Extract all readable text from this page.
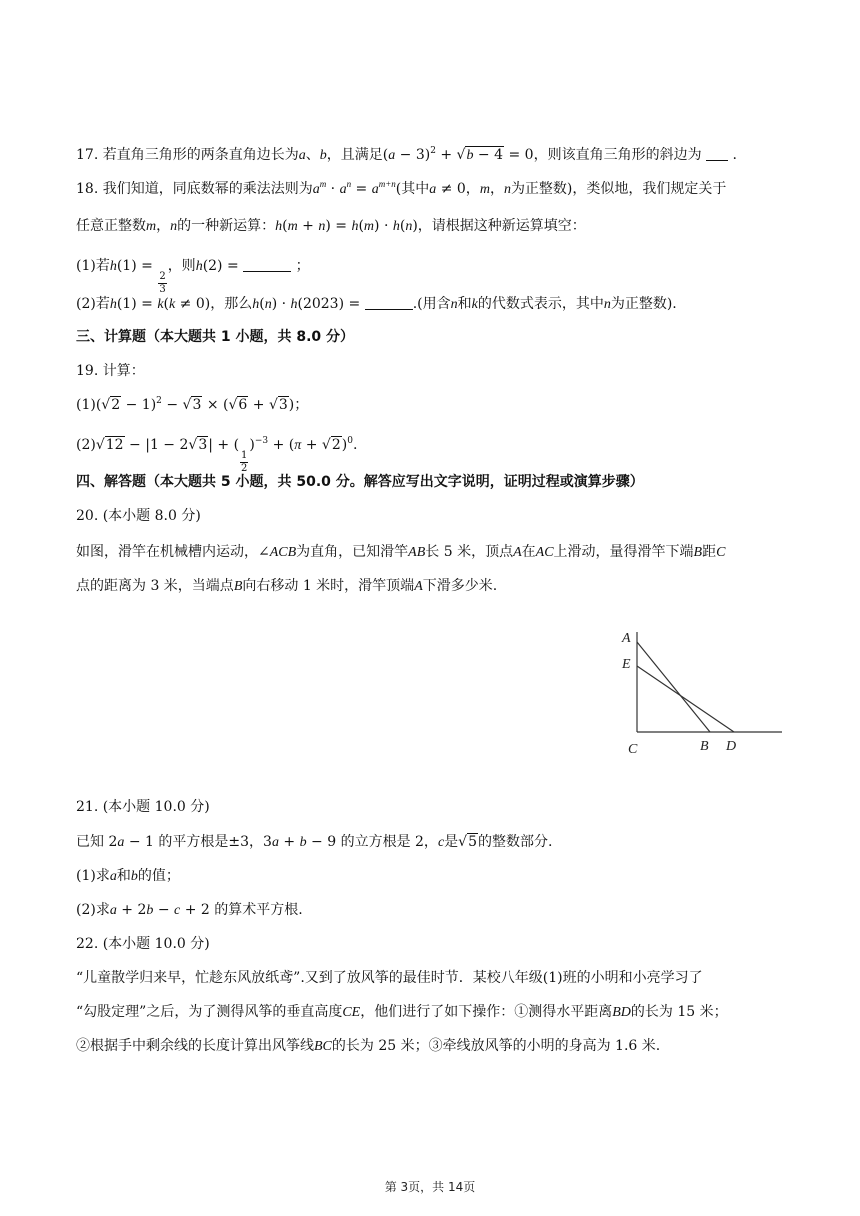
17. 若直角三角形的两条直角边长为a、b，且满足$(a - 3)^2 + √b - 4 = 0$，则该直角三角形的斜边为 .
18. 我们知道，同底数幂的乘法法则为$a^m \cdot a^n = a^{m+n}$(其中a ≠ 0，m，n为正整数)，类似地，我们规定关于
任意正整数m，n的一种新运算：h(m + n) = h(m) · h(n)，请根据这种新运算填空：
(1)若h(1) =
$\frac{2}{3}$
，则h(2) =	；
(2)若h(1) = k(k ≠ 0)，那么h(n) · h(2023) =	.(用含n和k的代数式表示，其中n为正整数).
三、计算题（本大题共 1 小题，共 8.0 分）
19. 计算：
$(1)(√2 - 1)^2 - √3 \times (√6 + √3)$；
(2)√12 − |1 − 2√3| + (
$\frac{1}{2}$
)$^{-3} + (\pi + √2)^0$.
四、解答题（本大题共 5 小题，共 50.0 分。解答应写出文字说明，证明过程或演算步骤）
20. (本小题 8.0 分)
如图，滑竿在机械槽内运动，∠ACB为直角，已知滑竿AB长 5 米，顶点A在AC上滑动，量得滑竿下端B距C
点的距离为 3 米，当端点B向右移动 1 米时，滑竿顶端A下滑多少米.
A
E
C	B D
21. (本小题 10.0 分)
已知 2a − 1 的平方根是±3，3a + b − 9 的立方根是 2，c是√5的整数部分.
(1)求a和b的值；
(2)求a + 2b − c + 2 的算术平方根.
22. (本小题 10.0 分)
“儿童散学归来早，忙趁东风放纸鸢”.又到了放风筝的最佳时节．某校八年级(1)班的小明和小亮学习了
“勾股定理”之后，为了测得风筝的垂直高度CE，他们进行了如下操作：①测得水平距离BD的长为 15 米；
②根据手中剩余线的长度计算出风筝线BC的长为 25 米；③牵线放风筝的小明的身高为 1.6 米.
第 3页，共 14页
